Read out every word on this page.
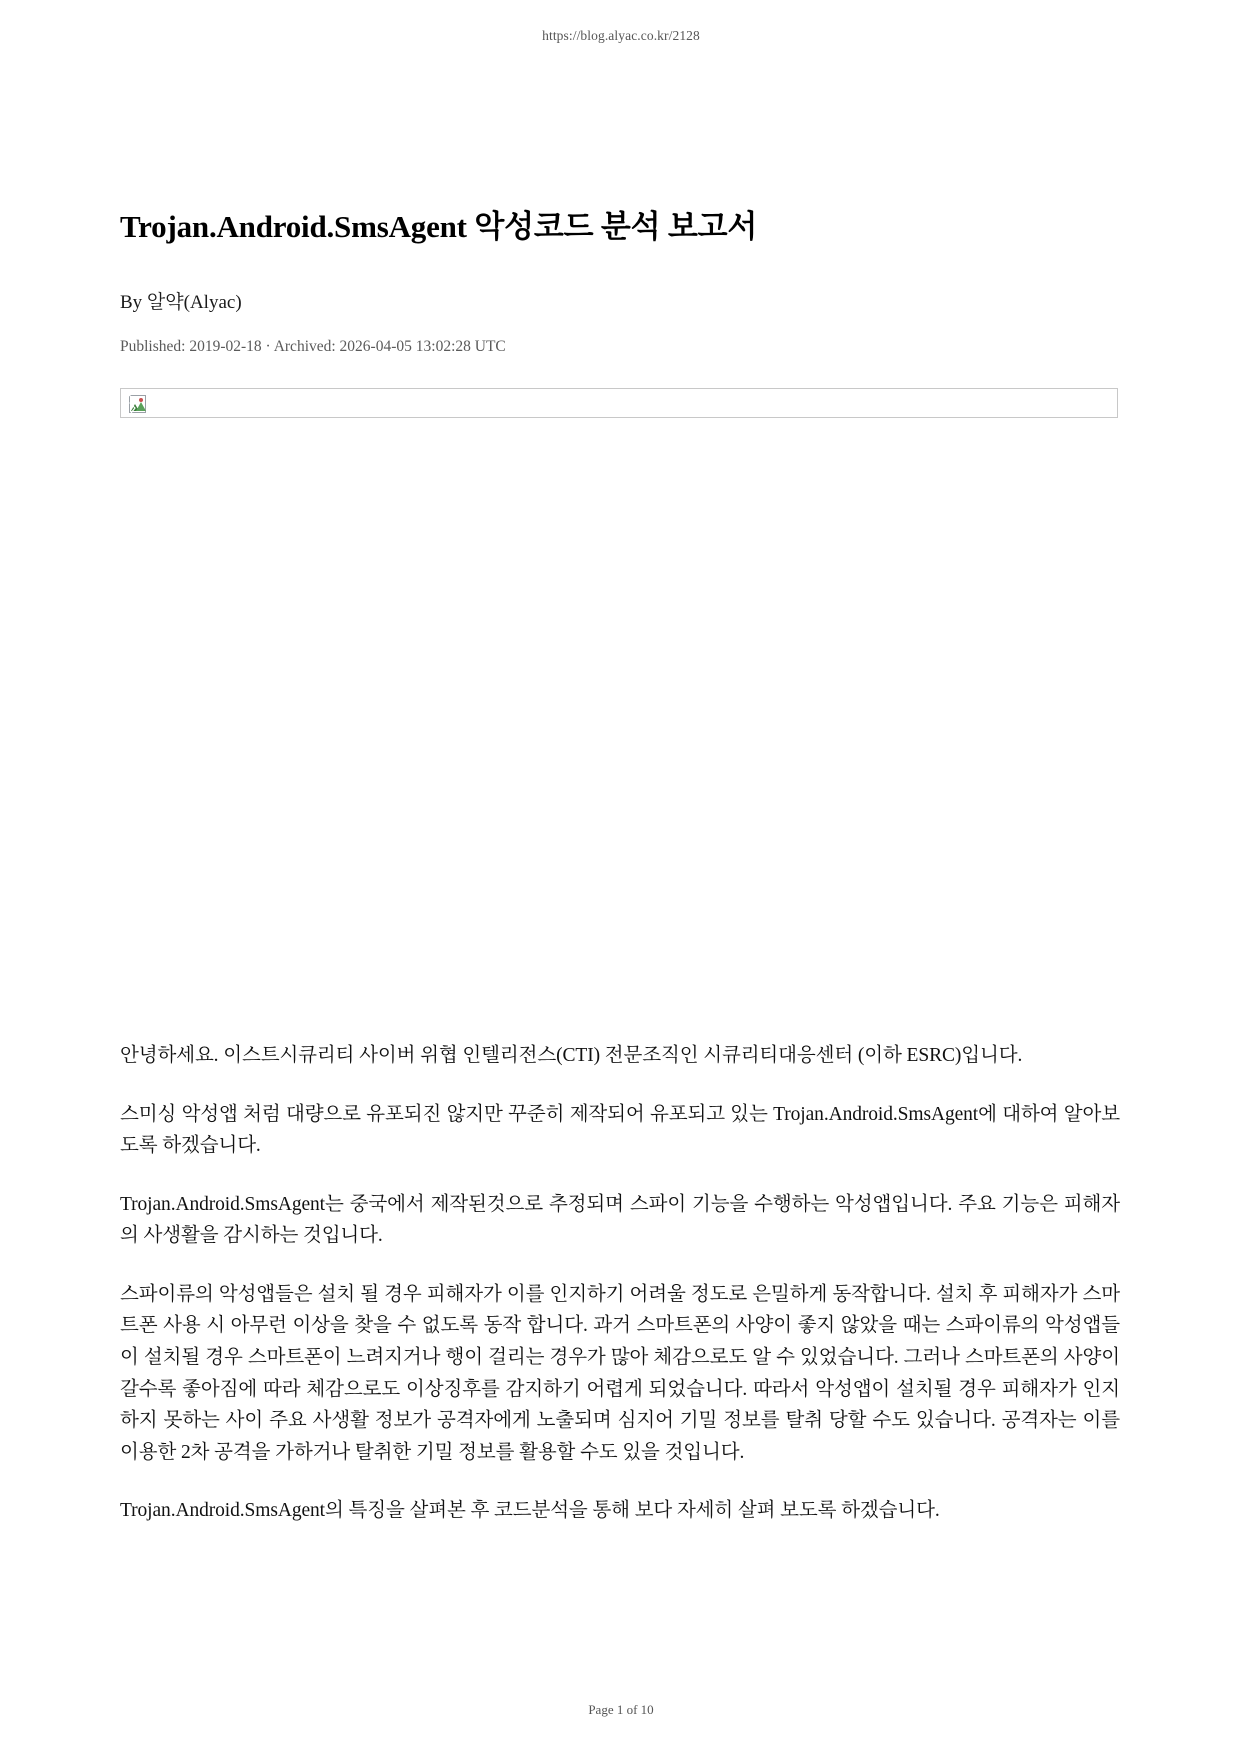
https://blog.alyac.co.kr/2128
Trojan.Android.SmsAgent 악성코드 분석 보고서
By 알약(Alyac)
Published: 2019-02-18 · Archived: 2026-04-05 13:02:28 UTC

안녕하세요. 이스트시큐리티 사이버 위협 인텔리전스(CTI) 전문조직인 시큐리티대응센터 (이하 ESRC)입니다.

스미싱 악성앱 처럼 대량으로 유포되진 않지만 꾸준히 제작되어 유포되고 있는 Trojan.Android.SmsAgent에 대하여 알아보도록 하겠습니다.

Trojan.Android.SmsAgent는 중국에서 제작된것으로 추정되며 스파이 기능을 수행하는 악성앱입니다. 주요 기능은 피해자의 사생활을 감시하는 것입니다.

스파이류의 악성앱들은 설치 될 경우 피해자가 이를 인지하기 어려울 정도로 은밀하게 동작합니다. 설치 후 피해자가 스마트폰 사용 시 아무런 이상을 찾을 수 없도록 동작 합니다. 과거 스마트폰의 사양이 좋지 않았을 때는 스파이류의 악성앱들이 설치될 경우 스마트폰이 느려지거나 행이 걸리는 경우가 많아 체감으로도 알 수 있었습니다. 그러나 스마트폰의 사양이 갈수록 좋아짐에 따라 체감으로도 이상징후를 감지하기 어렵게 되었습니다. 따라서 악성앱이 설치될 경우 피해자가 인지하지 못하는 사이 주요 사생활 정보가 공격자에게 노출되며 심지어 기밀 정보를 탈취 당할 수도 있습니다. 공격자는 이를 이용한 2차 공격을 가하거나 탈취한 기밀 정보를 활용할 수도 있을 것입니다.

Trojan.Android.SmsAgent의 특징을 살펴본 후 코드분석을 통해 보다 자세히 살펴 보도록 하겠습니다.

Page 1 of 10
